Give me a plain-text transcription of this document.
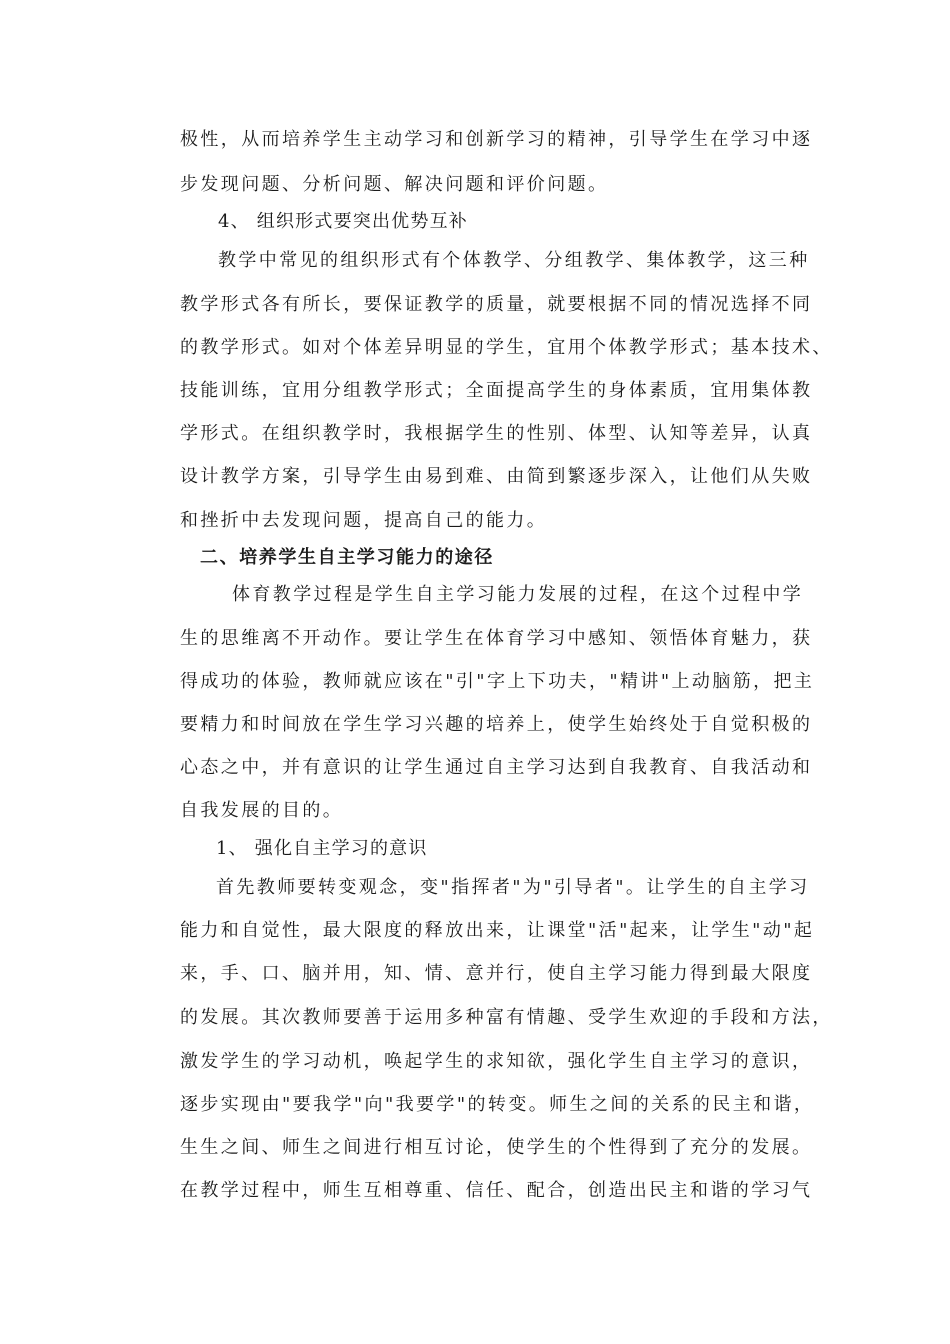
极性，从而培养学生主动学习和创新学习的精神，引导学生在学习中逐
步发现问题、分析问题、解决问题和评价问题。
4、 组织形式要突出优势互补
教学中常见的组织形式有个体教学、分组教学、集体教学，这三种
教学形式各有所长，要保证教学的质量，就要根据不同的情况选择不同
的教学形式。如对个体差异明显的学生，宜用个体教学形式；基本技术、
技能训练，宜用分组教学形式；全面提高学生的身体素质，宜用集体教
学形式。在组织教学时，我根据学生的性别、体型、认知等差异，认真
设计教学方案，引导学生由易到难、由简到繁逐步深入，让他们从失败
和挫折中去发现问题，提高自己的能力。
二、培养学生自主学习能力的途径
体育教学过程是学生自主学习能力发展的过程，在这个过程中学
生的思维离不开动作。要让学生在体育学习中感知、领悟体育魅力，获
得成功的体验，教师就应该在"引"字上下功夫，"精讲"上动脑筋，把主
要精力和时间放在学生学习兴趣的培养上，使学生始终处于自觉积极的
心态之中，并有意识的让学生通过自主学习达到自我教育、自我活动和
自我发展的目的。
1、 强化自主学习的意识
首先教师要转变观念，变"指挥者"为"引导者"。让学生的自主学习
能力和自觉性，最大限度的释放出来，让课堂"活"起来，让学生"动"起
来，手、口、脑并用，知、情、意并行，使自主学习能力得到最大限度
的发展。其次教师要善于运用多种富有情趣、受学生欢迎的手段和方法，
激发学生的学习动机，唤起学生的求知欲，强化学生自主学习的意识，
逐步实现由"要我学"向"我要学"的转变。师生之间的关系的民主和谐，
生生之间、师生之间进行相互讨论，使学生的个性得到了充分的发展。
在教学过程中，师生互相尊重、信任、配合，创造出民主和谐的学习气
